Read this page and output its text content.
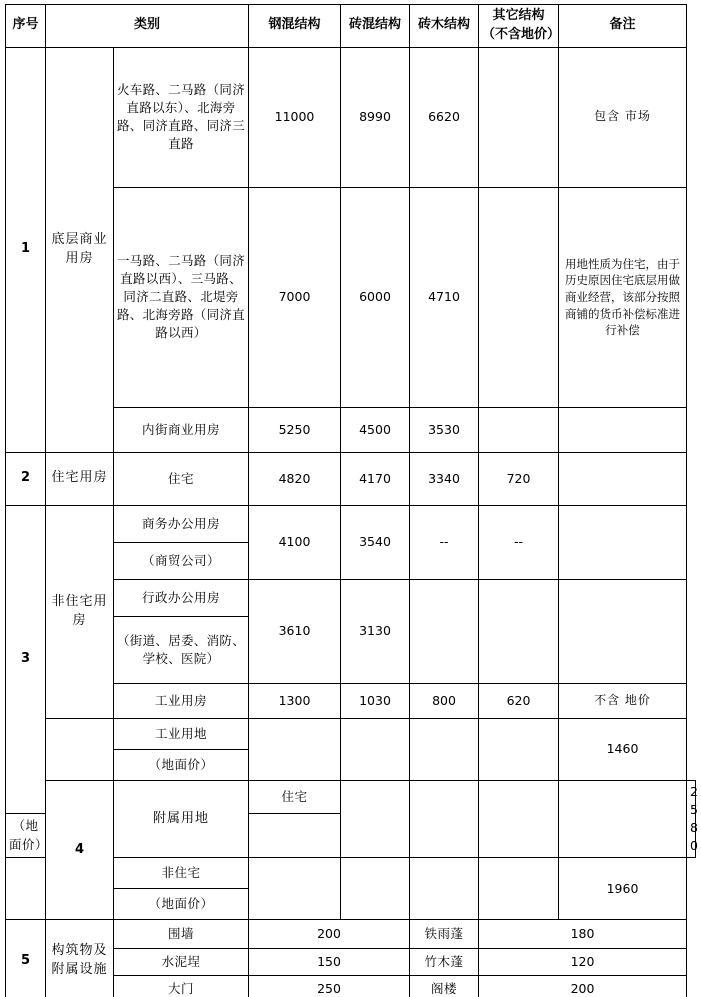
序号	类别		钢混结构	砖混结构	砖木结构	其它结构（不含地价）	备注	
1	底层商业用房	火车路、二马路（同济直路以东）、北海旁路、同济直路、同济三直路	11000	8990	6620		包含 市场	
		一马路、二马路（同济直路以西）、三马路、同济二直路、北堤旁路、北海旁路（同济直路以西）	7000	6000	4710		用地性质为住宅，由于历史原因住宅底层用做商业经营，该部分按照商铺的货币补偿标准进行补偿	
		内街商业用房	5250	4500	3530			
2	住宅用房	住宅	4820	4170	3340	720		
3	非住宅用房	商务办公用房	4100	3540	--	--		
		（商贸公司）						
		行政办公用房	3610	3130				
		（街道、居委、消防、学校、医院）						
		工业用房	1300	1030	800	620	不含 地价	
		工业用地					1460	
		（地面价）						
	4	附属用地	住宅					2580
（地面价）								
		非住宅					1960	
		（地面价）						
5	构筑物及附属设施	围墙	200		铁雨蓬	180		
		水泥埕	150		竹木蓬	120		
		大门	250		阁楼	200		
